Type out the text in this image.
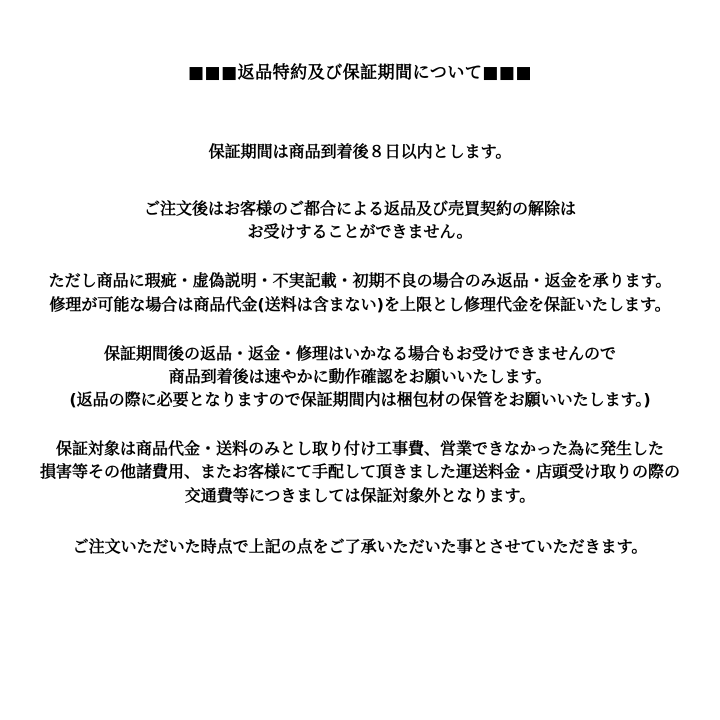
■■■返品特約及び保証期間について■■■
保証期間は商品到着後８日以内とします。
ご注文後はお客様のご都合による返品及び売買契約の解除は
お受けすることができません。
ただし商品に瑕疵・虚偽説明・不実記載・初期不良の場合のみ返品・返金を承ります。
修理が可能な場合は商品代金(送料は含まない)を上限とし修理代金を保証いたします。
保証期間後の返品・返金・修理はいかなる場合もお受けできませんので
商品到着後は速やかに動作確認をお願いいたします。
(返品の際に必要となりますので保証期間内は梱包材の保管をお願いいたします。)
保証対象は商品代金・送料のみとし取り付け工事費、営業できなかった為に発生した
損害等その他諸費用、またお客様にて手配して頂きました運送料金・店頭受け取りの際の
交通費等につきましては保証対象外となります。
ご注文いただいた時点で上記の点をご了承いただいた事とさせていただきます。
